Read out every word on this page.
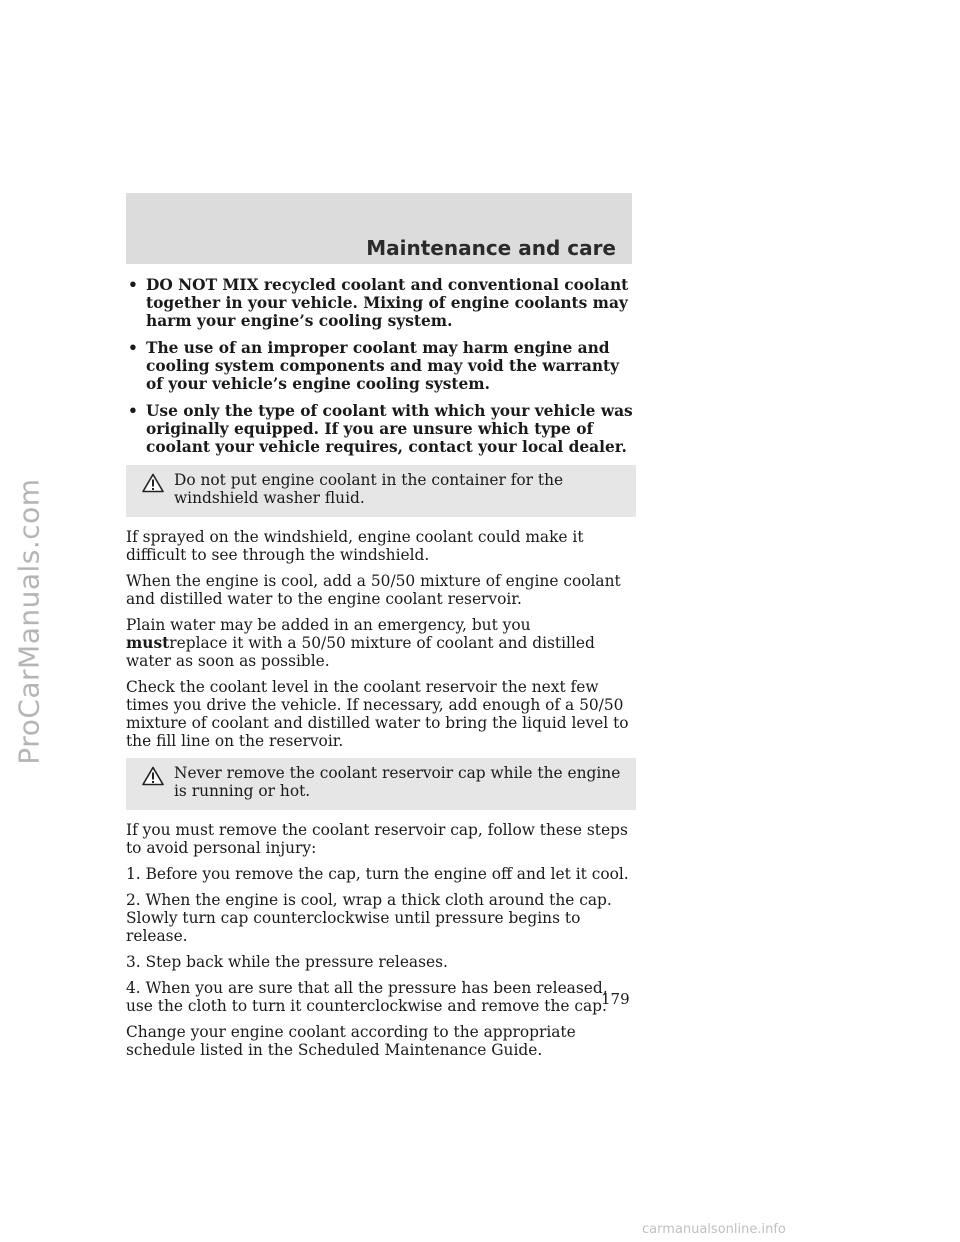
ProCarManuals.com
Maintenance and care
• DO NOT MIX recycled coolant and conventional coolant together in your vehicle. Mixing of engine coolants may harm your engine’s cooling system.
• The use of an improper coolant may harm engine and cooling system components and may void the warranty of your vehicle’s engine cooling system.
• Use only the type of coolant with which your vehicle was originally equipped. If you are unsure which type of coolant your vehicle requires, contact your local dealer.
Do not put engine coolant in the container for the windshield washer fluid.

If sprayed on the windshield, engine coolant could make it difficult to see through the windshield.

When the engine is cool, add a 50/50 mixture of engine coolant and distilled water to the engine coolant reservoir.

Plain water may be added in an emergency, but you mustreplace it with a 50/50 mixture of coolant and distilled water as soon as possible.

Check the coolant level in the coolant reservoir the next few times you drive the vehicle. If necessary, add enough of a 50/50 mixture of coolant and distilled water to bring the liquid level to the fill line on the reservoir.

Never remove the coolant reservoir cap while the engine is running or hot.

If you must remove the coolant reservoir cap, follow these steps to avoid personal injury:

1. Before you remove the cap, turn the engine off and let it cool.

2. When the engine is cool, wrap a thick cloth around the cap. Slowly turn cap counterclockwise until pressure begins to release.

3. Step back while the pressure releases.

4. When you are sure that all the pressure has been released, use the cloth to turn it counterclockwise and remove the cap.

Change your engine coolant according to the appropriate schedule listed in the Scheduled Maintenance Guide.

179
carmanualsonline.info
